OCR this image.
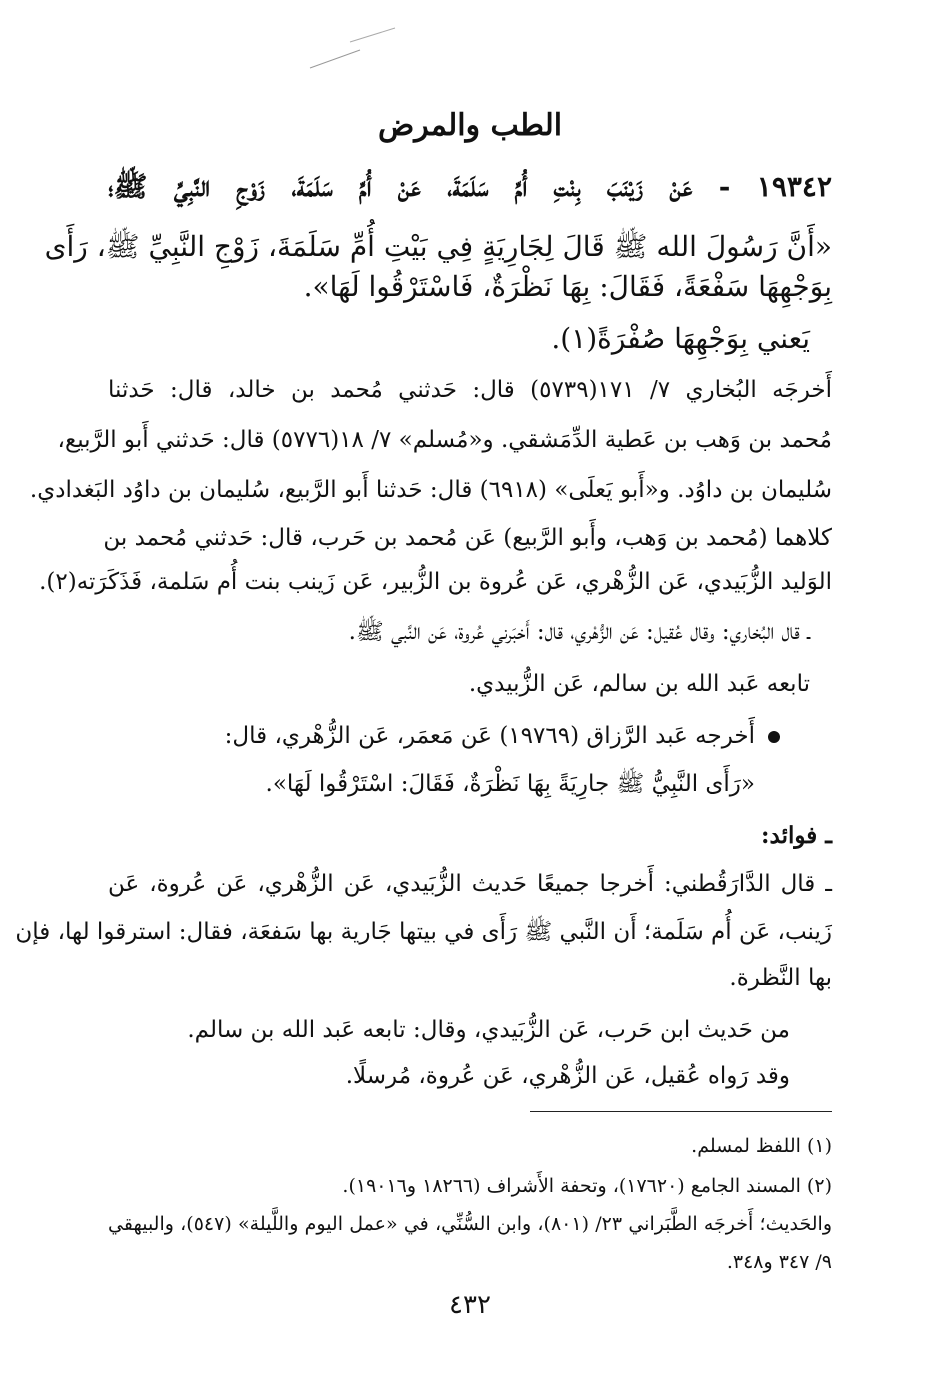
الطب والمرض
١٩٣٤٢ - عَنْ زَيْنَبَ بِنْتِ أُمِّ سَلَمَةَ، عَنْ أُمِّ سَلَمَةَ، زَوْجِ النَّبِيِّ ﷺ؛
«أَنَّ رَسُولَ الله ﷺ قَالَ لِجَارِيَةٍ فِي بَيْتِ أُمِّ سَلَمَةَ، زَوْجِ النَّبِيِّ ﷺ، رَأَى
بِوَجْهِهَا سَفْعَةً، فَقَالَ: بِهَا نَظْرَةٌ، فَاسْتَرْقُوا لَهَا».
يَعني بِوَجْهِهَا صُفْرَةً(١).
أَخرجَه البُخاري ٧/ ١٧١(٥٧٣٩) قال: حَدثني مُحمد بن خالد، قال: حَدثنا
مُحمد بن وَهب بن عَطية الدِّمَشقي. و«مُسلم» ٧/ ١٨(٥٧٧٦) قال: حَدثني أَبو الرَّبيع،
سُليمان بن داوُد. و«أَبو يَعلَى» (٦٩١٨) قال: حَدثنا أَبو الرَّبيع، سُليمان بن داوُد البَغدادي.
كلاهما (مُحمد بن وَهب، وأَبو الرَّبيع) عَن مُحمد بن حَرب، قال: حَدثني مُحمد بن
الوَليد الزُّبَيدي، عَن الزُّهْري، عَن عُروة بن الزُّبير، عَن زَينب بنت أُم سَلمة، فَذَكَرَته(٢).
ـ قال البُخاري: وقال عُقيل: عَن الزُّهْري، قال: أَخبَرني عُروة، عَن النَّبي ﷺ.
تابعه عَبد الله بن سالم، عَن الزُّبيدي.
أَخرجه عَبد الرَّزاق (١٩٧٦٩) عَن مَعمَر، عَن الزُّهْري، قال:
«رَأَى النَّبِيُّ ﷺ جارِيَةً بِهَا نَظْرَةٌ، فَقَالَ: اسْتَرْقُوا لَهَا».
ـ فوائد:
ـ قال الدَّارَقُطني: أَخرجا جميعًا حَديث الزُّبَيدي، عَن الزُّهْري، عَن عُروة، عَن
زَينب، عَن أُم سَلَمة؛ أَن النَّبي ﷺ رَأَى في بيتها جَارية بها سَفعَة، فقال: استرقوا لها، فإن
بها النَّظرة.
من حَديث ابن حَرب، عَن الزُّبَيدي، وقال: تابعه عَبد الله بن سالم.
وقد رَواه عُقيل، عَن الزُّهْري، عَن عُروة، مُرسلًا.
(١) اللفظ لمسلم.
(٢) المسند الجامع (١٧٦٢٠)، وتحفة الأَشراف (١٨٢٦٦ و١٩٠١٦).
والحَديث؛ أَخرجَه الطَّبَراني ٢٣/ (٨٠١)، وابن السُّنِّي، في «عمل اليوم واللَّيلة» (٥٤٧)، والبيهقي
٩/ ٣٤٧ و٣٤٨.
٤٣٢
